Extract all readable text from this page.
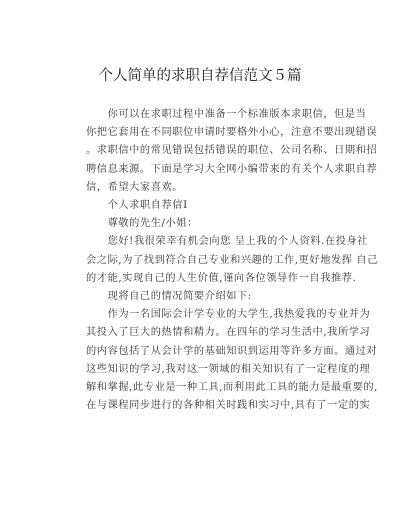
个人简单的求职自荐信范文５篇

　　你可以在求职过程中准备一个标准版本求职信，但是当

你把它套用在不同职位申请时要格外小心，注意不要出现错误

。求职信中的常见错误包括错误的职位、公司名称、日期和招

聘信息来源。下面是学习大全网小编带来的有关个人求职自荐

信，希望大家喜欢。

　　个人求职自荐信Ⅰ

　　尊敬的先生/小姐：

　　您好!我很荣幸有机会向您 呈上我的个人资料.在投身社

会之际,为了找到符合自己专业和兴趣的工作,更好地发挥 自己

的才能,实现自己的人生价值,谨向各位领导作一自我推荐.

　　现将自己的情况简要介绍如下:

　　作为一名国际会计学专业的大学生,我热爱我的专业并为

其投入了巨大的热情和精力。在四年的学习生活中,我所学习

的内容包括了从会计学的基础知识到运用等许多方面。通过对

这些知识的学习,我对这一领域的相关知识有了一定程度的理

解和掌握,此专业是一种工具,而利用此工具的能力是最重要的,

在与课程同步进行的各种相关时践和实习中,具有了一定的实
